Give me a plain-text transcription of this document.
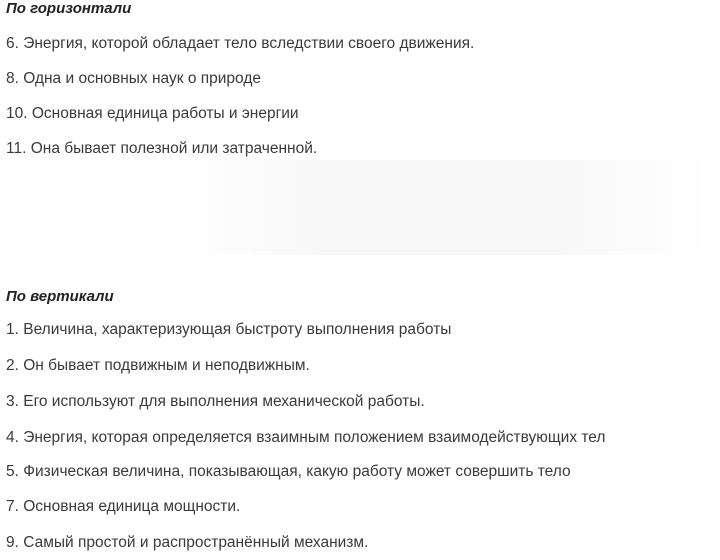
По горизонтали

6. Энергия, которой обладает тело вследствии своего движения.

8. Одна и основных наук о природе

10. Основная единица работы и энергии

11. Она бывает полезной или затраченной.

По вертикали

1. Величина, характеризующая быстроту выполнения работы

2. Он бывает подвижным и неподвижным.

3. Его используют для выполнения механической работы.

4. Энергия, которая определяется взаимным положением взаимодействующих тел

5. Физическая величина, показывающая, какую работу может совершить тело

7. Основная единица мощности.

9. Самый простой и распространённый механизм.
